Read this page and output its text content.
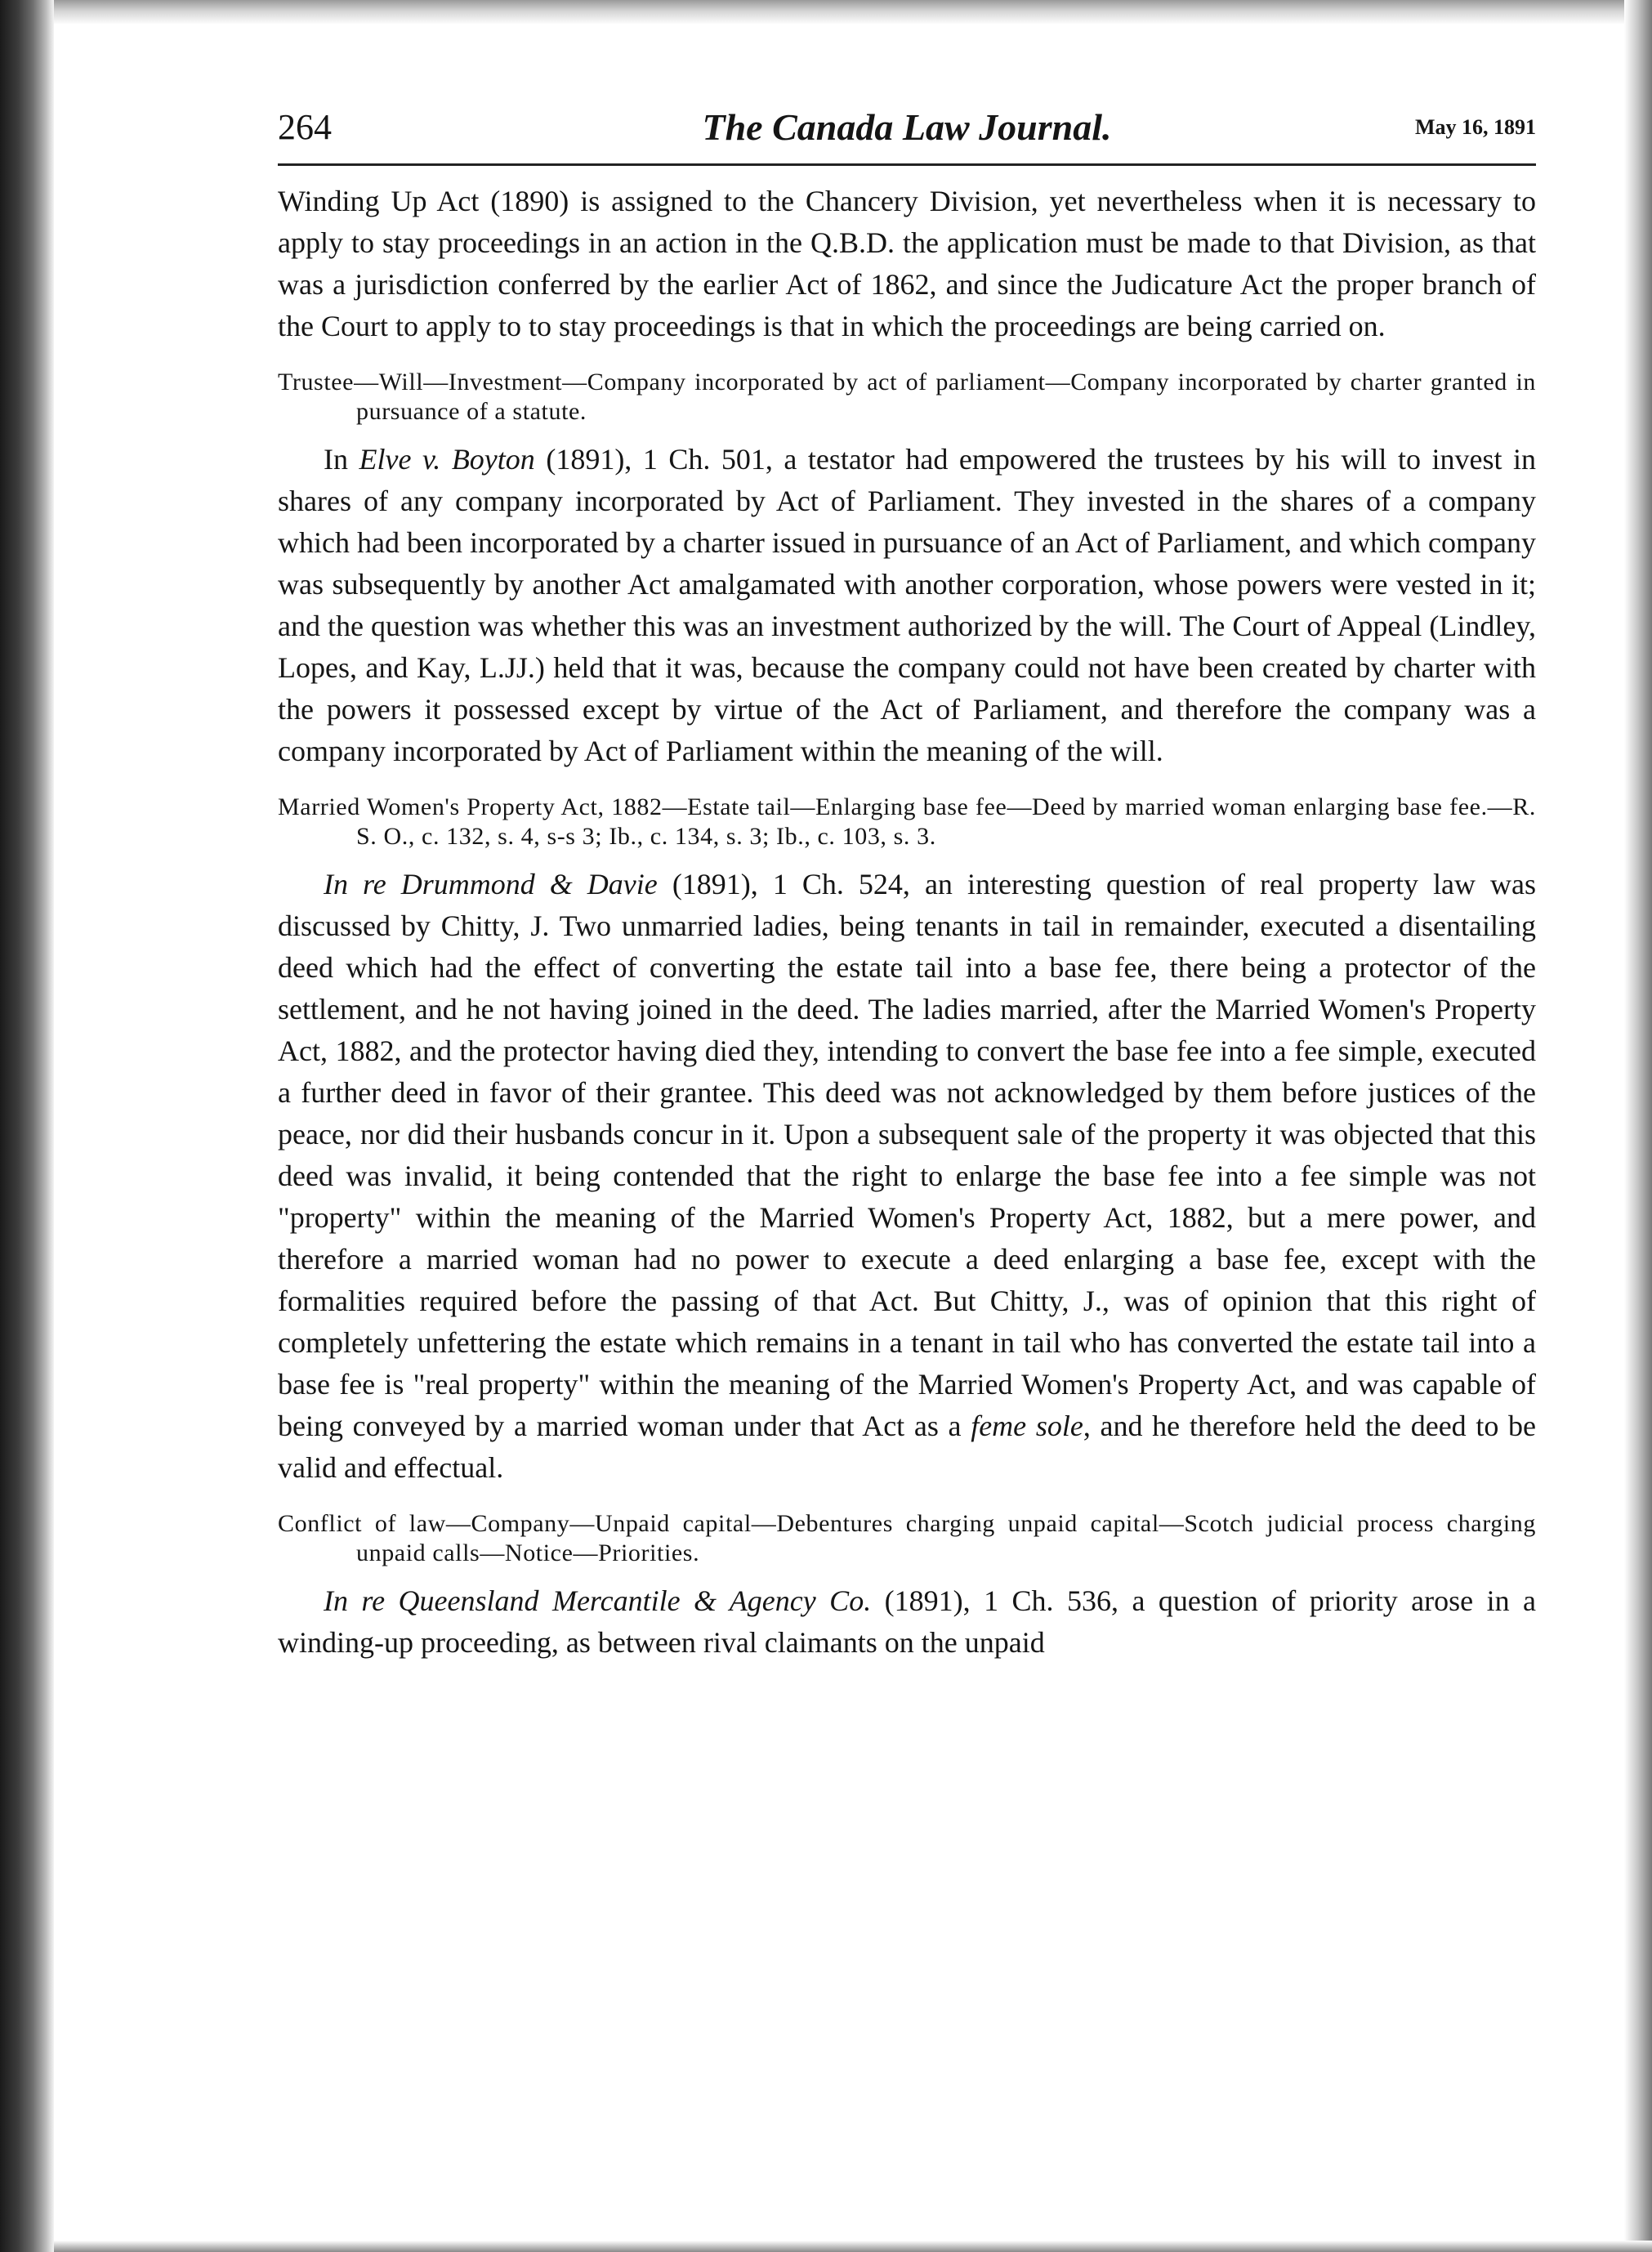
264	The Canada Law Journal.	May 16, 1891

Winding Up Act (1890) is assigned to the Chancery Division, yet nevertheless when it is necessary to apply to stay proceedings in an action in the Q.B.D. the application must be made to that Division, as that was a jurisdiction conferred by the earlier Act of 1862, and since the Judicature Act the proper branch of the Court to apply to to stay proceedings is that in which the proceedings are being carried on.

Trustee—Will—Investment—Company incorporated by act of parliament—Company incorporated by charter granted in pursuance of a statute.

In Elve v. Boyton (1891), 1 Ch. 501, a testator had empowered the trustees by his will to invest in shares of any company incorporated by Act of Parliament. They invested in the shares of a company which had been incorporated by a charter issued in pursuance of an Act of Parliament, and which company was subsequently by another Act amalgamated with another corporation, whose powers were vested in it; and the question was whether this was an investment authorized by the will. The Court of Appeal (Lindley, Lopes, and Kay, L.JJ.) held that it was, because the company could not have been created by charter with the powers it possessed except by virtue of the Act of Parliament, and therefore the company was a company incorporated by Act of Parliament within the meaning of the will.

Married Women's Property Act, 1882—Estate tail—Enlarging base fee—Deed by married woman enlarging base fee.—R. S. O., c. 132, s. 4, s-s 3; Ib., c. 134, s. 3; Ib., c. 103, s. 3.

In re Drummond & Davie (1891), 1 Ch. 524, an interesting question of real property law was discussed by Chitty, J. Two unmarried ladies, being tenants in tail in remainder, executed a disentailing deed which had the effect of converting the estate tail into a base fee, there being a protector of the settlement, and he not having joined in the deed. The ladies married, after the Married Women's Property Act, 1882, and the protector having died they, intending to convert the base fee into a fee simple, executed a further deed in favor of their grantee. This deed was not acknowledged by them before justices of the peace, nor did their husbands concur in it. Upon a subsequent sale of the property it was objected that this deed was invalid, it being contended that the right to enlarge the base fee into a fee simple was not "property" within the meaning of the Married Women's Property Act, 1882, but a mere power, and therefore a married woman had no power to execute a deed enlarging a base fee, except with the formalities required before the passing of that Act. But Chitty, J., was of opinion that this right of completely unfettering the estate which remains in a tenant in tail who has converted the estate tail into a base fee is "real property" within the meaning of the Married Women's Property Act, and was capable of being conveyed by a married woman under that Act as a feme sole, and he therefore held the deed to be valid and effectual.

Conflict of law—Company—Unpaid capital—Debentures charging unpaid capital—Scotch judicial process charging unpaid calls—Notice—Priorities.

In re Queensland Mercantile & Agency Co. (1891), 1 Ch. 536, a question of priority arose in a winding-up proceeding, as between rival claimants on the unpaid
